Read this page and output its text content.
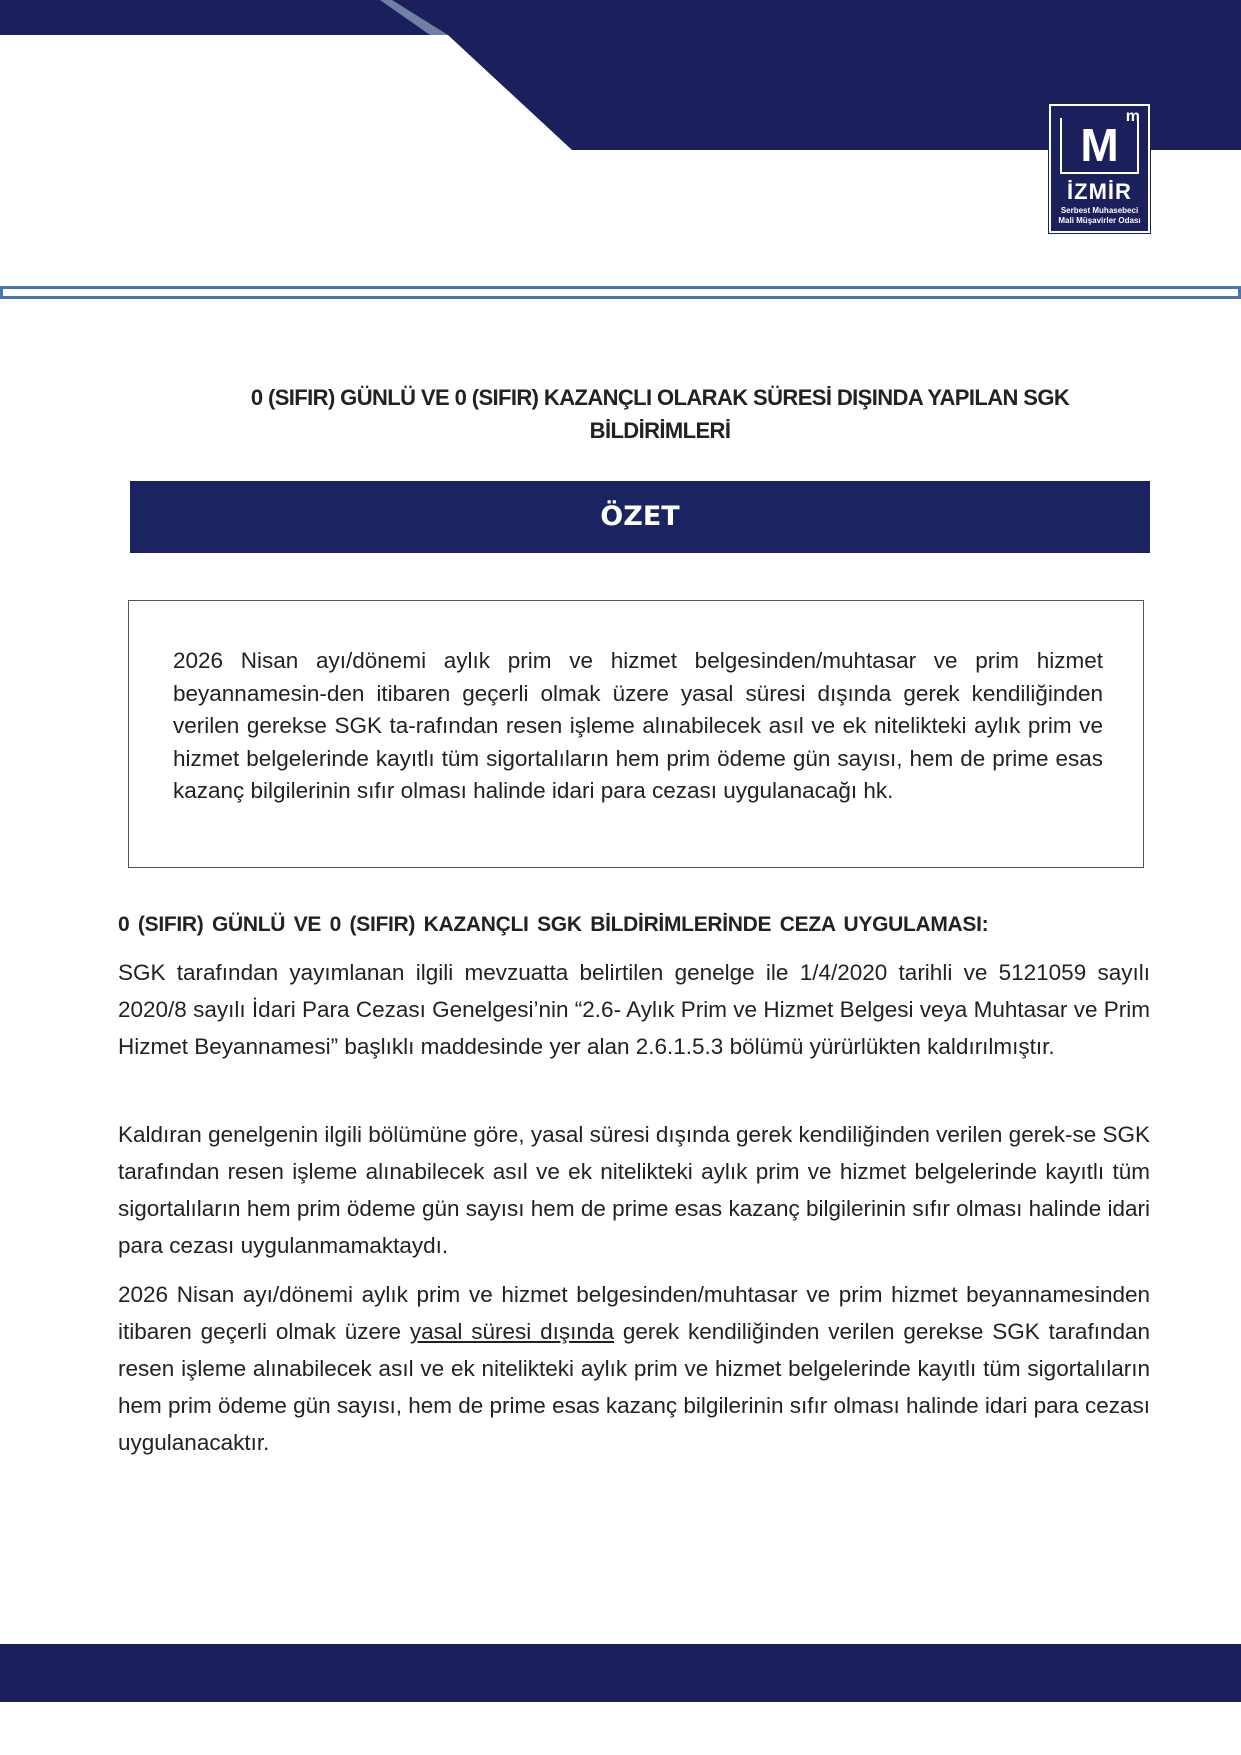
M
m
İZMİR
Serbest Muhasebeci
Mali Müşavirler Odası
0 (SIFIR) GÜNLÜ VE 0 (SIFIR) KAZANÇLI OLARAK SÜRESİ DIŞINDA YAPILAN SGK BİLDİRİMLERİ
ÖZET

2026 Nisan ayı/dönemi aylık prim ve hizmet belgesinden/muhtasar ve prim hizmet beyannamesin-den itibaren geçerli olmak üzere yasal süresi dışında gerek kendiliğinden verilen gerekse SGK ta-rafından resen işleme alınabilecek asıl ve ek nitelikteki aylık prim ve hizmet belgelerinde kayıtlı tüm sigortalıların hem prim ödeme gün sayısı, hem de prime esas kazanç bilgilerinin sıfır olması halinde idari para cezası uygulanacağı hk.

0 (SIFIR) GÜNLÜ VE 0 (SIFIR) KAZANÇLI SGK BİLDİRİMLERİNDE CEZA UYGULAMASI:

SGK tarafından yayımlanan ilgili mevzuatta belirtilen genelge ile 1/4/2020 tarihli ve 5121059 sayılı 2020/8 sayılı İdari Para Cezası Genelgesi’nin “2.6- Aylık Prim ve Hizmet Belgesi veya Muhtasar ve Prim Hizmet Beyannamesi” başlıklı maddesinde yer alan 2.6.1.5.3 bölümü yürürlükten kaldırılmıştır.

Kaldıran genelgenin ilgili bölümüne göre, yasal süresi dışında gerek kendiliğinden verilen gerek-se SGK tarafından resen işleme alınabilecek asıl ve ek nitelikteki aylık prim ve hizmet belgelerinde kayıtlı tüm sigortalıların hem prim ödeme gün sayısı hem de prime esas kazanç bilgilerinin sıfır olması halinde idari para cezası uygulanmamaktaydı.

2026 Nisan ayı/dönemi aylık prim ve hizmet belgesinden/muhtasar ve prim hizmet beyannamesinden itibaren geçerli olmak üzere yasal süresi dışında gerek kendiliğinden verilen gerekse SGK tarafından resen işleme alınabilecek asıl ve ek nitelikteki aylık prim ve hizmet belgelerinde kayıtlı tüm sigortalıların hem prim ödeme gün sayısı, hem de prime esas kazanç bilgilerinin sıfır olması halinde idari para cezası uygulanacaktır.
